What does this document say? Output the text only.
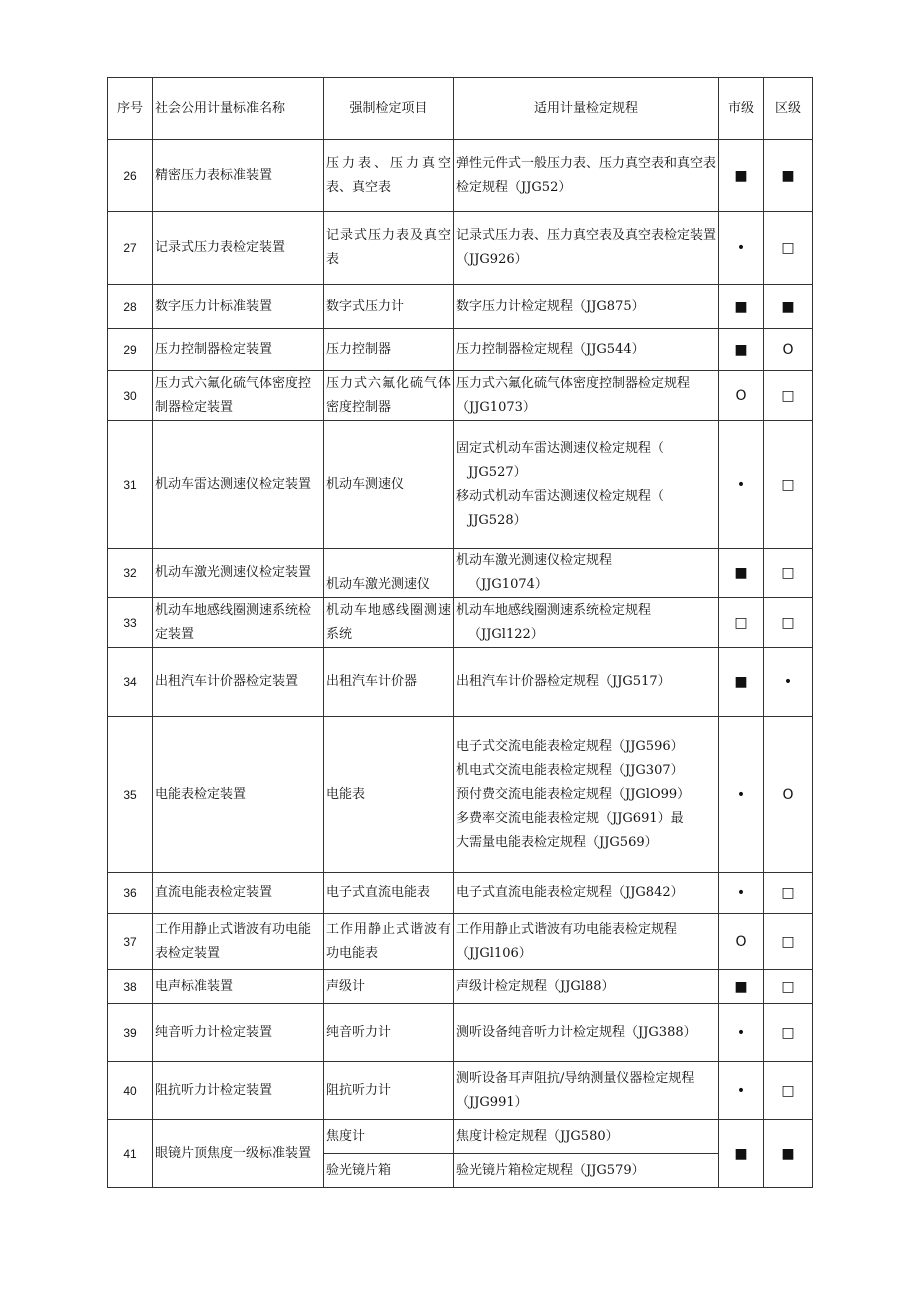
序号	社会公用计量标准名称	强制检定项目	适用计量检定规程	市级	区级
26	精密压力表标准装置	压力表、压力真空表、真空表	弹性元件式一般压力表、压力真空表和真空表检定规程（JJG52）	■	■
27	记录式压力表检定装置	记录式压力表及真空表	记录式压力表、压力真空表及真空表检定装置（JJG926）	•	□
28	数字压力计标准装置	数字式压力计	数字压力计检定规程（JJG875）	■	■
29	压力控制器检定装置	压力控制器	压力控制器检定规程（JJG544）	■	O
30	压力式六氟化硫气体密度控制器检定装置	压力式六氟化硫气体密度控制器	压力式六氟化硫气体密度控制器检定规程（JJG1073）	O	□
31	机动车雷达测速仪检定装置	机动车测速仪	固定式机动车雷达测速仪检定规程（
JJG527）
移动式机动车雷达测速仪检定规程（
JJG528）	•	□
32	机动车激光测速仪检定装置	机动车激光测速仪	机动车激光测速仪检定规程
（JJG1074）	■	□
33	机动车地感线圈测速系统检定装置	机动车地感线圈测速系统	机动车地感线圈测速系统检定规程
（JJGl122）	□	□
34	出租汽车计价器检定装置	出租汽车计价器	出租汽车计价器检定规程（JJG517）	■	•
35	电能表检定装置	电能表	电子式交流电能表检定规程（JJG596）
机电式交流电能表检定规程（JJG307）
预付费交流电能表检定规程（JJGlO99）
多费率交流电能表检定规（JJG691）最
大需量电能表检定规程（JJG569）	•	O
36	直流电能表检定装置	电子式直流电能表	电子式直流电能表检定规程（JJG842）	•	□
37	工作用静止式谐波有功电能表检定装置	工作用静止式谐波有功电能表	工作用静止式谐波有功电能表检定规程（JJGl106）	O	□
38	电声标准装置	声级计	声级计检定规程（JJGl88）	■	□
39	纯音听力计检定装置	纯音听力计	测听设备纯音听力计检定规程（JJG388）	•	□
40	阻抗听力计检定装置	阻抗听力计	测听设备耳声阻抗/导纳测量仪器检定规程（JJG991）	•	□
41	眼镜片顶焦度一级标准装置	焦度计	焦度计检定规程（JJG580）	■	■
		验光镜片箱	验光镜片箱检定规程（JJG579）		
